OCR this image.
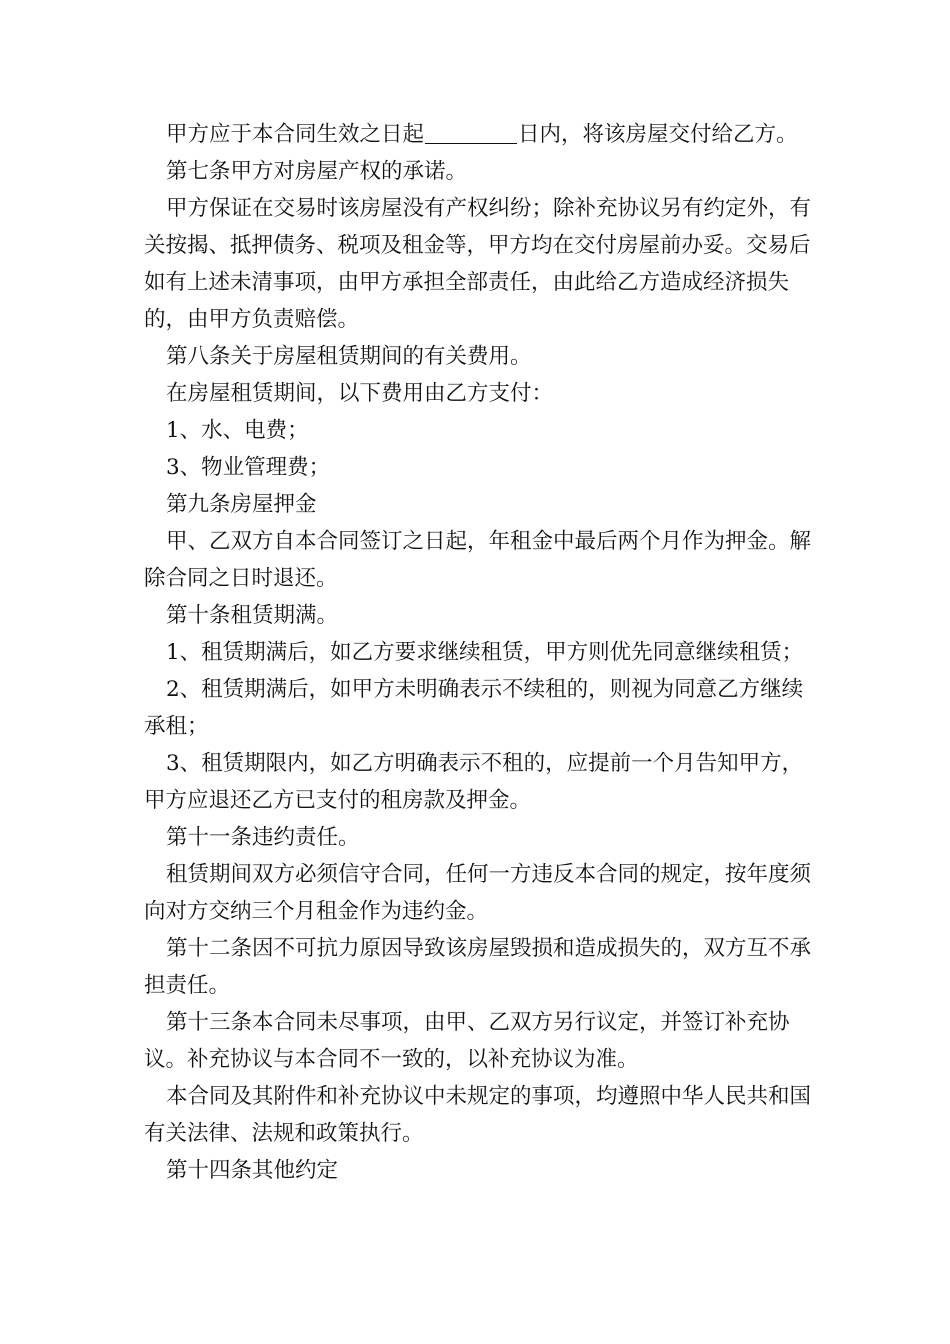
甲方应于本合同生效之日起	日内，将该房屋交付给乙方。

第七条甲方对房屋产权的承诺。

甲方保证在交易时该房屋没有产权纠纷；除补充协议另有约定外，有关按揭、抵押债务、税项及租金等，甲方均在交付房屋前办妥。交易后如有上述未清事项，由甲方承担全部责任，由此给乙方造成经济损失的，由甲方负责赔偿。

第八条关于房屋租赁期间的有关费用。

在房屋租赁期间，以下费用由乙方支付：

1、水、电费；

3、物业管理费；

第九条房屋押金

甲、乙双方自本合同签订之日起，年租金中最后两个月作为押金。解除合同之日时退还。

第十条租赁期满。

1、租赁期满后，如乙方要求继续租赁，甲方则优先同意继续租赁；

2、租赁期满后，如甲方未明确表示不续租的，则视为同意乙方继续承租；

3、租赁期限内，如乙方明确表示不租的，应提前一个月告知甲方，甲方应退还乙方已支付的租房款及押金。

第十一条违约责任。

租赁期间双方必须信守合同，任何一方违反本合同的规定，按年度须向对方交纳三个月租金作为违约金。

第十二条因不可抗力原因导致该房屋毁损和造成损失的，双方互不承担责任。

第十三条本合同未尽事项，由甲、乙双方另行议定，并签订补充协议。补充协议与本合同不一致的，以补充协议为准。

本合同及其附件和补充协议中未规定的事项，均遵照中华人民共和国有关法律、法规和政策执行。

第十四条其他约定
